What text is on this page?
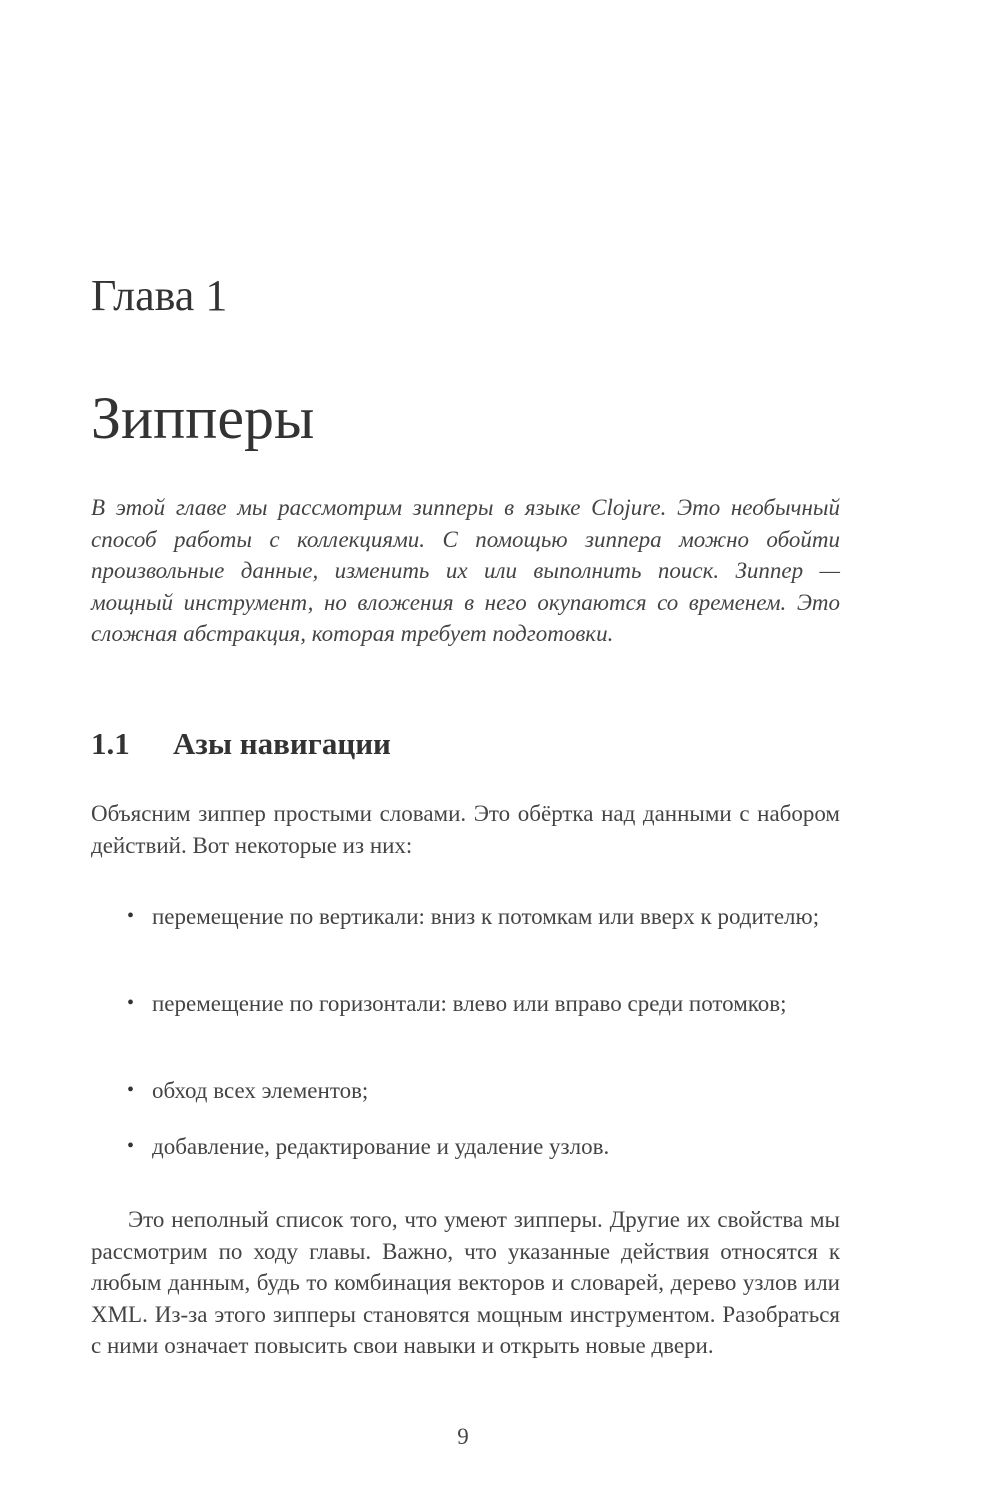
Глава 1
Зипперы

В этой главе мы рассмотрим зипперы в языке Clojure. Это необычный способ работы с коллекциями. С помощью зиппера можно обойти произвольные данные, изменить их или выполнить поиск. Зиппер — мощный инструмент, но вложения в него окупаются со временем. Это сложная абстракция, которая требует подготовки.

1.1 Азы навигации

Объясним зиппер простыми словами. Это обёртка над данными с набором действий. Вот некоторые из них:

• перемещение по вертикали: вниз к потомкам или вверх к родителю;
• перемещение по горизонтали: влево или вправо среди потомков;
• обход всех элементов;
• добавление, редактирование и удаление узлов.

Это неполный список того, что умеют зипперы. Другие их свойства мы рассмотрим по ходу главы. Важно, что указанные действия относятся к любым данным, будь то комбинация векторов и словарей, дерево узлов или XML. Из-за этого зипперы становятся мощным инструментом. Разобраться с ними означает повысить свои навыки и открыть новые двери.

9
